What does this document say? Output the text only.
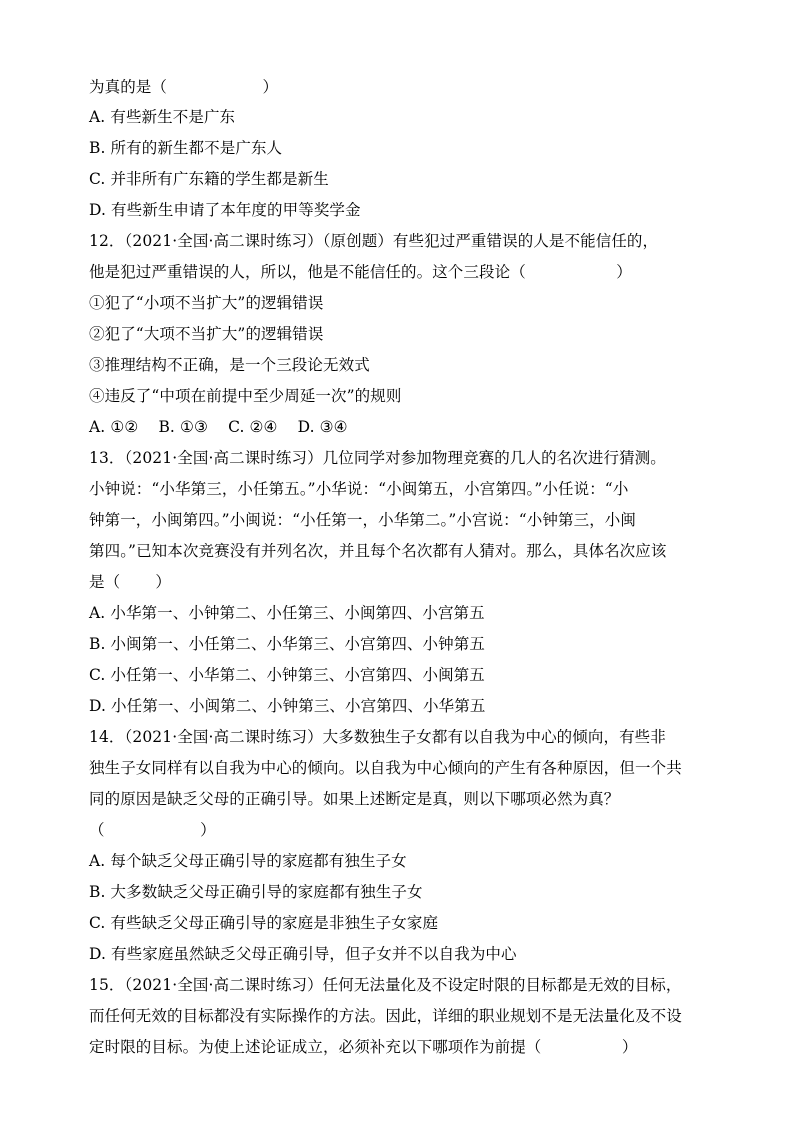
为真的是（                   ）
A. 有些新生不是广东
B. 所有的新生都不是广东人
C. 并非所有广东籍的学生都是新生
D. 有些新生申请了本年度的甲等奖学金
12．（2021·全国·高二课时练习）（原创题）有些犯过严重错误的人是不能信任的，
他是犯过严重错误的人，所以，他是不能信任的。这个三段论（                  ）
①犯了“小项不当扩大”的逻辑错误
②犯了“大项不当扩大”的逻辑错误
③推理结构不正确，是一个三段论无效式
④违反了“中项在前提中至少周延一次”的规则
A. ①②    B. ①③    C. ②④    D. ③④
13．（2021·全国·高二课时练习）几位同学对参加物理竞赛的几人的名次进行猜测。
小钟说：“小华第三，小任第五。”小华说：“小闽第五，小宫第四。”小任说：“小
钟第一，小闽第四。”小闽说：“小任第一，小华第二。”小宫说：“小钟第三，小闽
第四。”已知本次竞赛没有并列名次，并且每个名次都有人猜对。那么，具体名次应该
是（       ）
A. 小华第一、小钟第二、小任第三、小闽第四、小宫第五
B. 小闽第一、小任第二、小华第三、小宫第四、小钟第五
C. 小任第一、小华第二、小钟第三、小宫第四、小闽第五
D. 小任第一、小闽第二、小钟第三、小宫第四、小华第五
14．（2021·全国·高二课时练习）大多数独生子女都有以自我为中心的倾向，有些非
独生子女同样有以自我为中心的倾向。以自我为中心倾向的产生有各种原因，但一个共
同的原因是缺乏父母的正确引导。如果上述断定是真，则以下哪项必然为真？
（                   ）
A. 每个缺乏父母正确引导的家庭都有独生子女
B. 大多数缺乏父母正确引导的家庭都有独生子女
C. 有些缺乏父母正确引导的家庭是非独生子女家庭
D. 有些家庭虽然缺乏父母正确引导，但子女并不以自我为中心
15．（2021·全国·高二课时练习）任何无法量化及不设定时限的目标都是无效的目标，
而任何无效的目标都没有实际操作的方法。因此，详细的职业规划不是无法量化及不设
定时限的目标。为使上述论证成立，必须补充以下哪项作为前提（                ）
